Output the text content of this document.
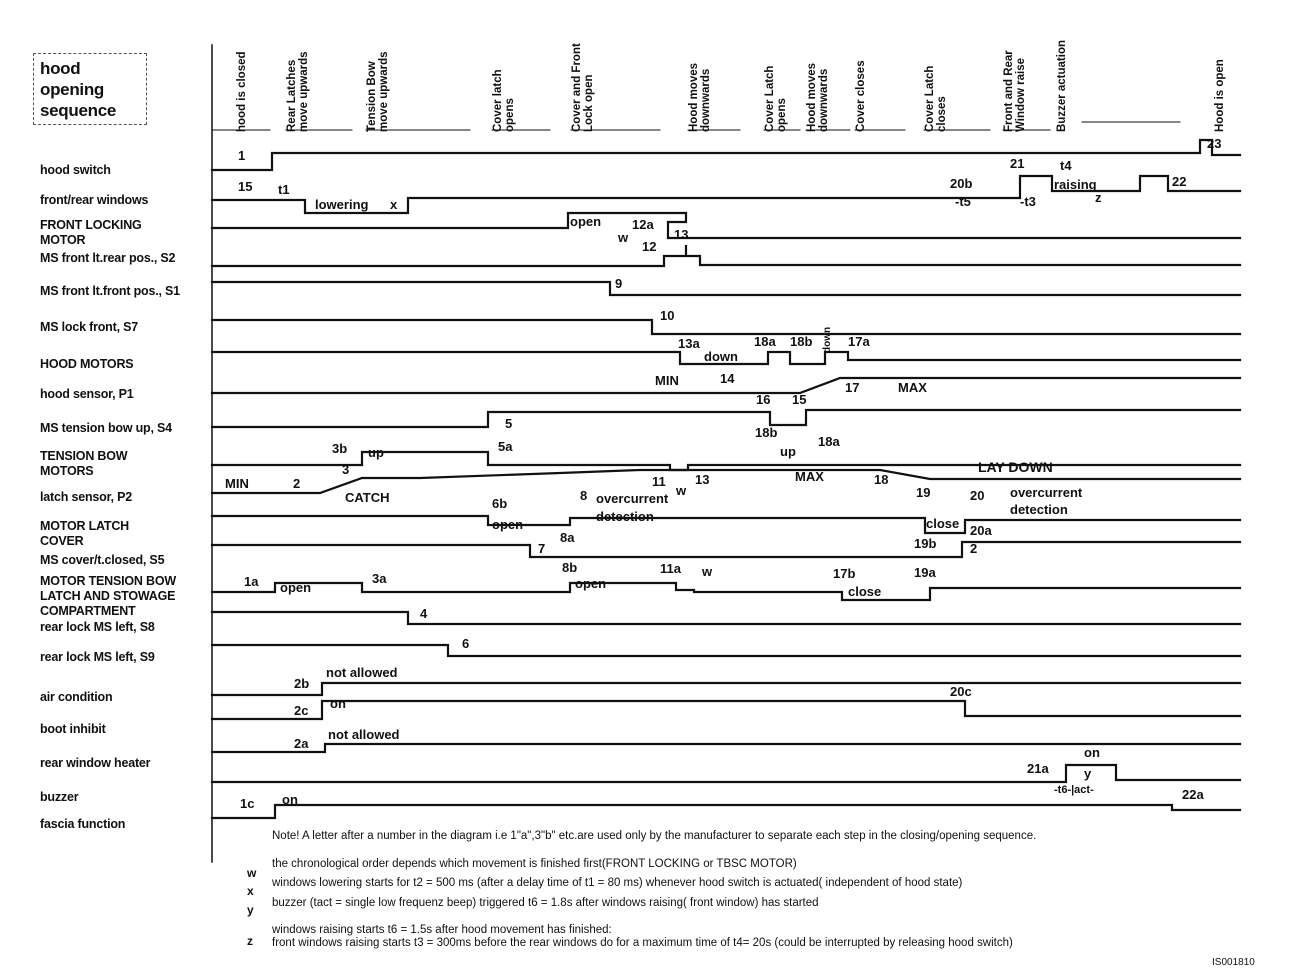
hood
opening
sequence	hood is closed	Rear Latches move upwards	Tension Bow move upwards	Cover latch opens	Cover and Front Lock open	Hood moves downwards	Cover Latch opens Hood moves downwards Cover closes	Cover Latch closes	Front and Rear Window raise	Buzzer actuation	Hood is open
hood switch
front/rear windows
FRONT LOCKING
MOTOR
MS front lt.rear pos., S2
MS front lt.front pos., S1
MS lock front, S7
HOOD MOTORS
hood sensor, P1
MS tension bow up, S4
TENSION BOW
MOTORS
latch sensor, P2
MOTOR LATCH
COVER
MS cover/t.closed, S5
MOTOR TENSION BOW
LATCH AND STOWAGE
COMPARTMENT
rear lock MS left, S8
rear lock MS left, S9
air condition
boot inhibit
rear window heater
buzzer
fascia function
1
23
15 t1
lowering x
21	t4
20b
-t5	-t3
raising
z
22
open 12a
w
12
13
9
10
13a
down
18a 18b down 17a
MIN	14
17	MAX
16 15
5
5a
18b
18a
3b up	up
3
11 13
w
MAX
LAY DOWN
MIN	2
CATCH
18
19	20 overcurrent
detection
6b
8 overcurrent
detection
open
8a
close 20a
7	19b	2
1a open
3a
8b
open
11a w	17b
close
19a
4
6
2b
not allowed
20c
2c on
2a
not allowed
21a
on
y
-t6-|act-
1c on	22a
Note! A letter after a number in the diagram i.e 1"a",3"b" etc.are used only by the manufacturer to separate each step in the closing/opening sequence.
w
the chronological order depends which movement is finished first(FRONT LOCKING or TBSC MOTOR)
x
windows lowering starts for t2 = 500 ms (after a delay time of t1 = 80 ms) whenever hood switch is actuated( independent of hood state)
y buzzer (tact = single low frequenz beep) triggered t6 = 1.8s after windows raising( front window) has started
z
windows raising starts t6 = 1.5s after hood movement has finished:
front windows raising starts t3 = 300ms before the rear windows do for a maximum time of t4= 20s (could be interrupted by releasing hood switch)
IS001810
